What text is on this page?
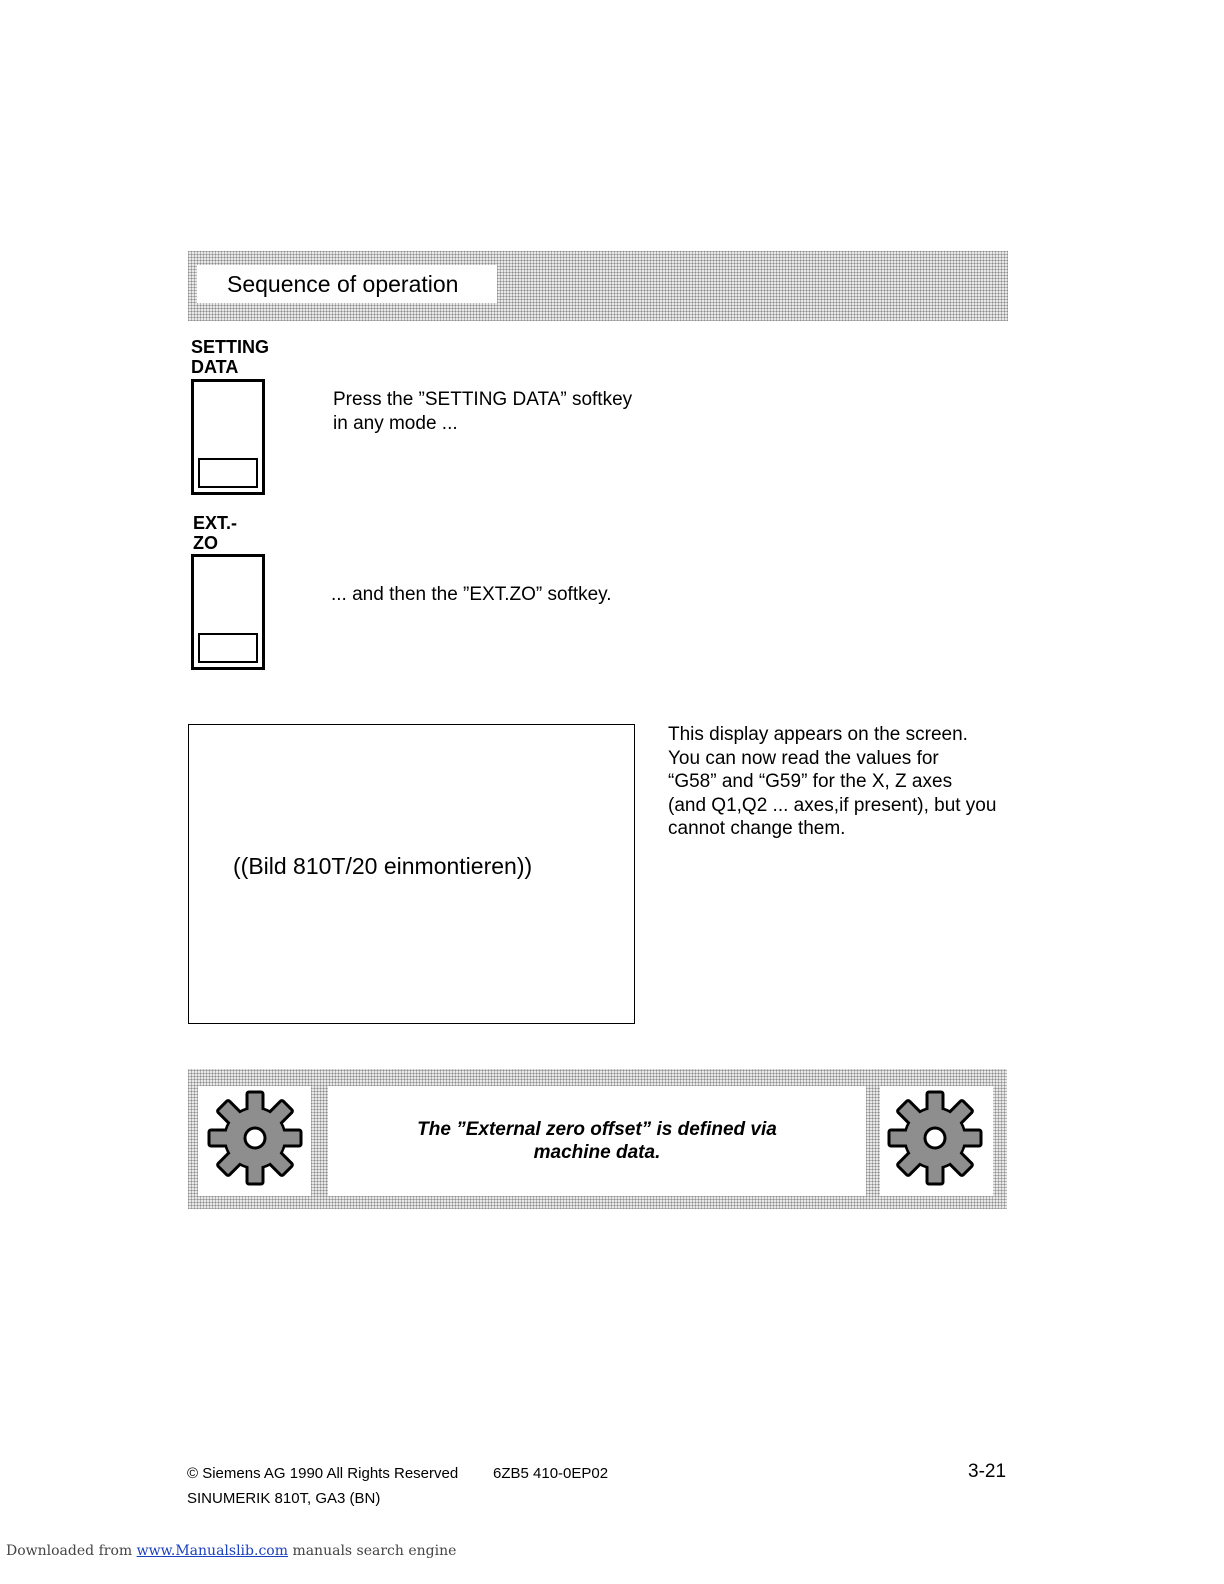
Sequence of operation
SETTING
DATA
Press the ”SETTING DATA” softkey
in any mode ...
EXT.-
ZO
... and then the ”EXT.ZO” softkey.
((Bild 810T/20 einmontieren))
This display appears on the screen.
You can now read the values for
“G58” and “G59” for the X, Z axes
(and Q1,Q2 ... axes,if present), but you
cannot change them.
The ”External zero offset” is defined via
machine data.
© Siemens AG 1990 All Rights Reserved 6ZB5 410-0EP02	3-21
SINUMERIK 810T, GA3 (BN)
Downloaded from www.Manualslib.com manuals search engine
